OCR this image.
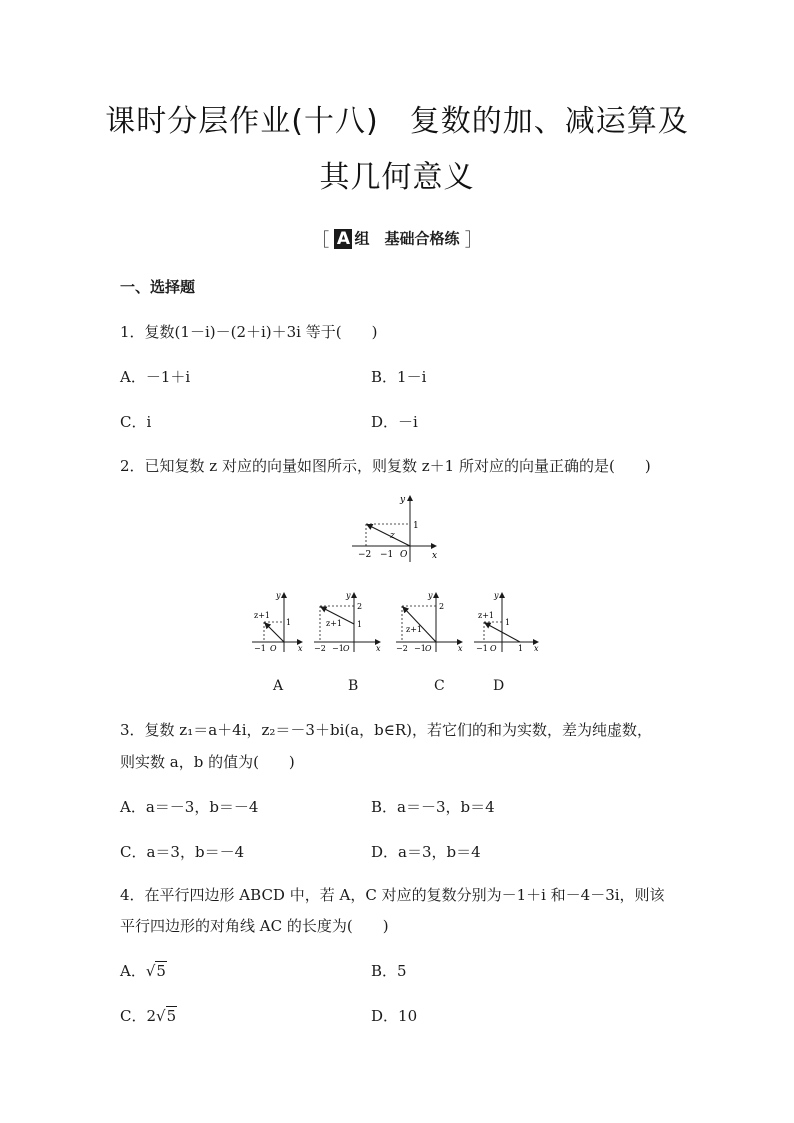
课时分层作业(十八)　复数的加、减运算及
其几何意义
［ A 组　基础合格练 ］
一、选择题
1．复数(1－i)－(2＋i)＋3i 等于(　　)
A．－1＋i	B．1－i
C．i	D．－i
2．已知复数 z 对应的向量如图所示，则复数 z＋1 所对应的向量正确的是(　　)
y
x
1
z
−2 −1 O
y
x
z+1
1
−1 O
y
x
z+1
2
1
−2 −1 O
y
x
z+1
2
−2 −1 O
y
x
z+1
1
−1 O	1
A	B	C	D
3．复数 z₁＝a＋4i，z₂＝－3＋bi(a，b∈R)，若它们的和为实数，差为纯虚数，
则实数 a，b 的值为(　　)
A．a＝－3，b＝－4	B．a＝－3，b＝4
C．a＝3，b＝－4	D．a＝3，b＝4
4．在平行四边形 ABCD 中，若 A，C 对应的复数分别为－1＋i 和－4－3i，则该
平行四边形的对角线 AC 的长度为(　　)
A．√5	B．5
C．2√5	D．10
